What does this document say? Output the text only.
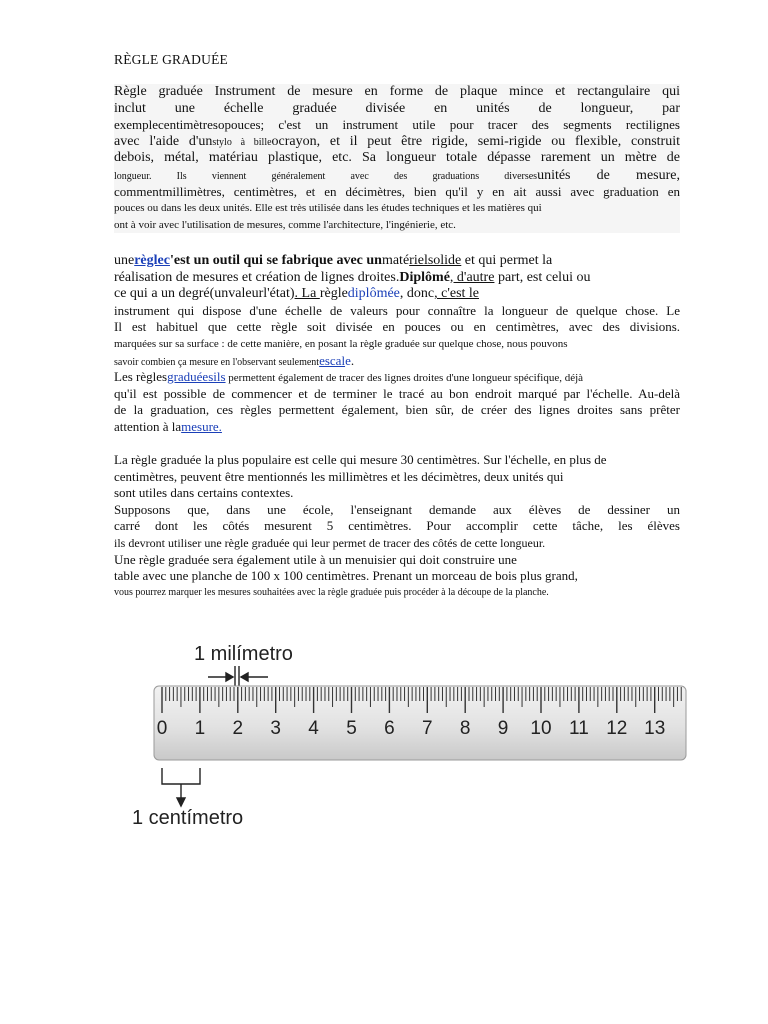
RÈGLE GRADUÉE
Règle graduée Instrument de mesure en forme de plaque mince et rectangulaire qui
inclut une échelle graduée divisée en unités de longueur, par
exemplecentimètresopouces; c'est un instrument utile pour tracer des segments rectilignes
avec l'aide d'unstylo à billeocrayon, et il peut être rigide, semi-rigide ou flexible, construit
debois, métal, matériau plastique, etc. Sa longueur totale dépasse rarement un mètre de
longueur. Ils viennent généralement avec des graduations diversesunités de mesure,
commentmillimètres, centimètres, et en décimètres, bien qu'il y en ait aussi avec graduation en
pouces ou dans les deux unités. Elle est très utilisée dans les études techniques et les matières qui
ont à voir avec l'utilisation de mesures, comme l'architecture, l'ingénierie, etc.
unerèglec'est un outil qui se fabrique avec unmatérielsolide et qui permet la
réalisation de mesures et création de lignes droites.Diplômé, d'autre part, est celui ou
ce qui a un degré(unvaleurl'état). La règlediplômée, donc, c'est le
instrument qui dispose d'une échelle de valeurs pour connaître la longueur de quelque chose. Le
Il est habituel que cette règle soit divisée en pouces ou en centimètres, avec des divisions.
marquées sur sa surface : de cette manière, en posant la règle graduée sur quelque chose, nous pouvons
savoir combien ça mesure en l'observant seulementescale.
Les règlesgraduéesils permettent également de tracer des lignes droites d'une longueur spécifique, déjà
qu'il est possible de commencer et de terminer le tracé au bon endroit marqué par l'échelle. Au-delà
de la graduation, ces règles permettent également, bien sûr, de créer des lignes droites sans prêter
attention à lamesure.
La règle graduée la plus populaire est celle qui mesure 30 centimètres. Sur l'échelle, en plus de
centimètres, peuvent être mentionnés les millimètres et les décimètres, deux unités qui
sont utiles dans certains contextes.
Supposons que, dans une école, l'enseignant demande aux élèves de dessiner un
carré dont les côtés mesurent 5 centimètres. Pour accomplir cette tâche, les élèves
ils devront utiliser une règle graduée qui leur permet de tracer des côtés de cette longueur.
Une règle graduée sera également utile à un menuisier qui doit construire une
table avec une planche de 100 x 100 centimètres. Prenant un morceau de bois plus grand,
vous pourrez marquer les mesures souhaitées avec la règle graduée puis procéder à la découpe de la planche.
1 milímetro
0 1 2 3 4 5 6 7 8 9 10 11 12 13
1 centímetro
